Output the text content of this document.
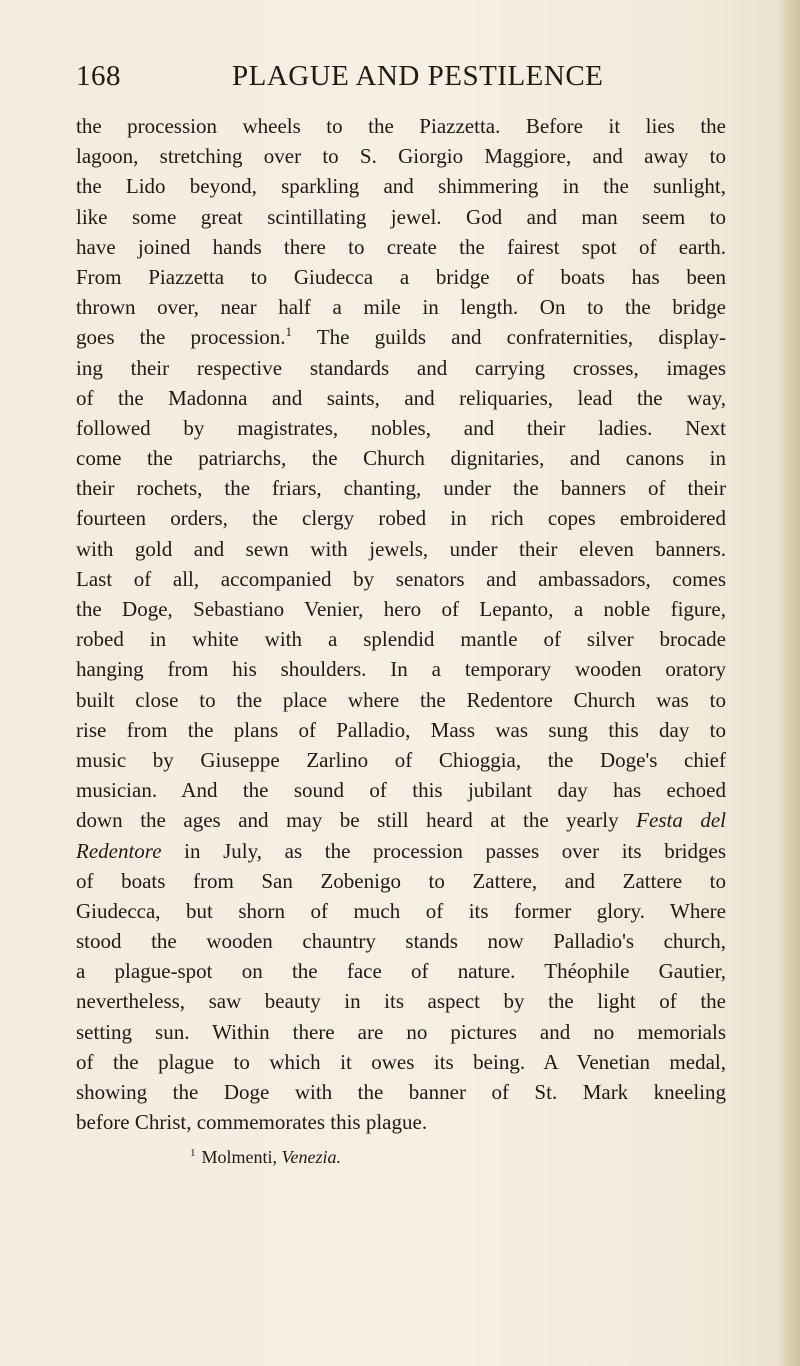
168	PLAGUE AND PESTILENCE
the procession wheels to the Piazzetta. Before it lies the
lagoon, stretching over to S. Giorgio Maggiore, and away to
the Lido beyond, sparkling and shimmering in the sunlight,
like some great scintillating jewel. God and man seem to
have joined hands there to create the fairest spot of earth.
From Piazzetta to Giudecca a bridge of boats has been
thrown over, near half a mile in length. On to the bridge
goes the procession.$^1$ The guilds and confraternities, display-
ing their respective standards and carrying crosses, images
of the Madonna and saints, and reliquaries, lead the way,
followed by magistrates, nobles, and their ladies. Next
come the patriarchs, the Church dignitaries, and canons in
their rochets, the friars, chanting, under the banners of their
fourteen orders, the clergy robed in rich copes embroidered
with gold and sewn with jewels, under their eleven banners.
Last of all, accompanied by senators and ambassadors, comes
the Doge, Sebastiano Venier, hero of Lepanto, a noble figure,
robed in white with a splendid mantle of silver brocade
hanging from his shoulders. In a temporary wooden oratory
built close to the place where the Redentore Church was to
rise from the plans of Palladio, Mass was sung this day to
music by Giuseppe Zarlino of Chioggia, the Doge's chief
musician. And the sound of this jubilant day has echoed
down the ages and may be still heard at the yearly Festa del
Redentore in July, as the procession passes over its bridges
of boats from San Zobenigo to Zattere, and Zattere to
Giudecca, but shorn of much of its former glory. Where
stood the wooden chauntry stands now Palladio's church,
a plague-spot on the face of nature. Théophile Gautier,
nevertheless, saw beauty in its aspect by the light of the
setting sun. Within there are no pictures and no memorials
of the plague to which it owes its being. A Venetian medal,
showing the Doge with the banner of St. Mark kneeling
before Christ, commemorates this plague.
$^1$ Molmenti, Venezia.
